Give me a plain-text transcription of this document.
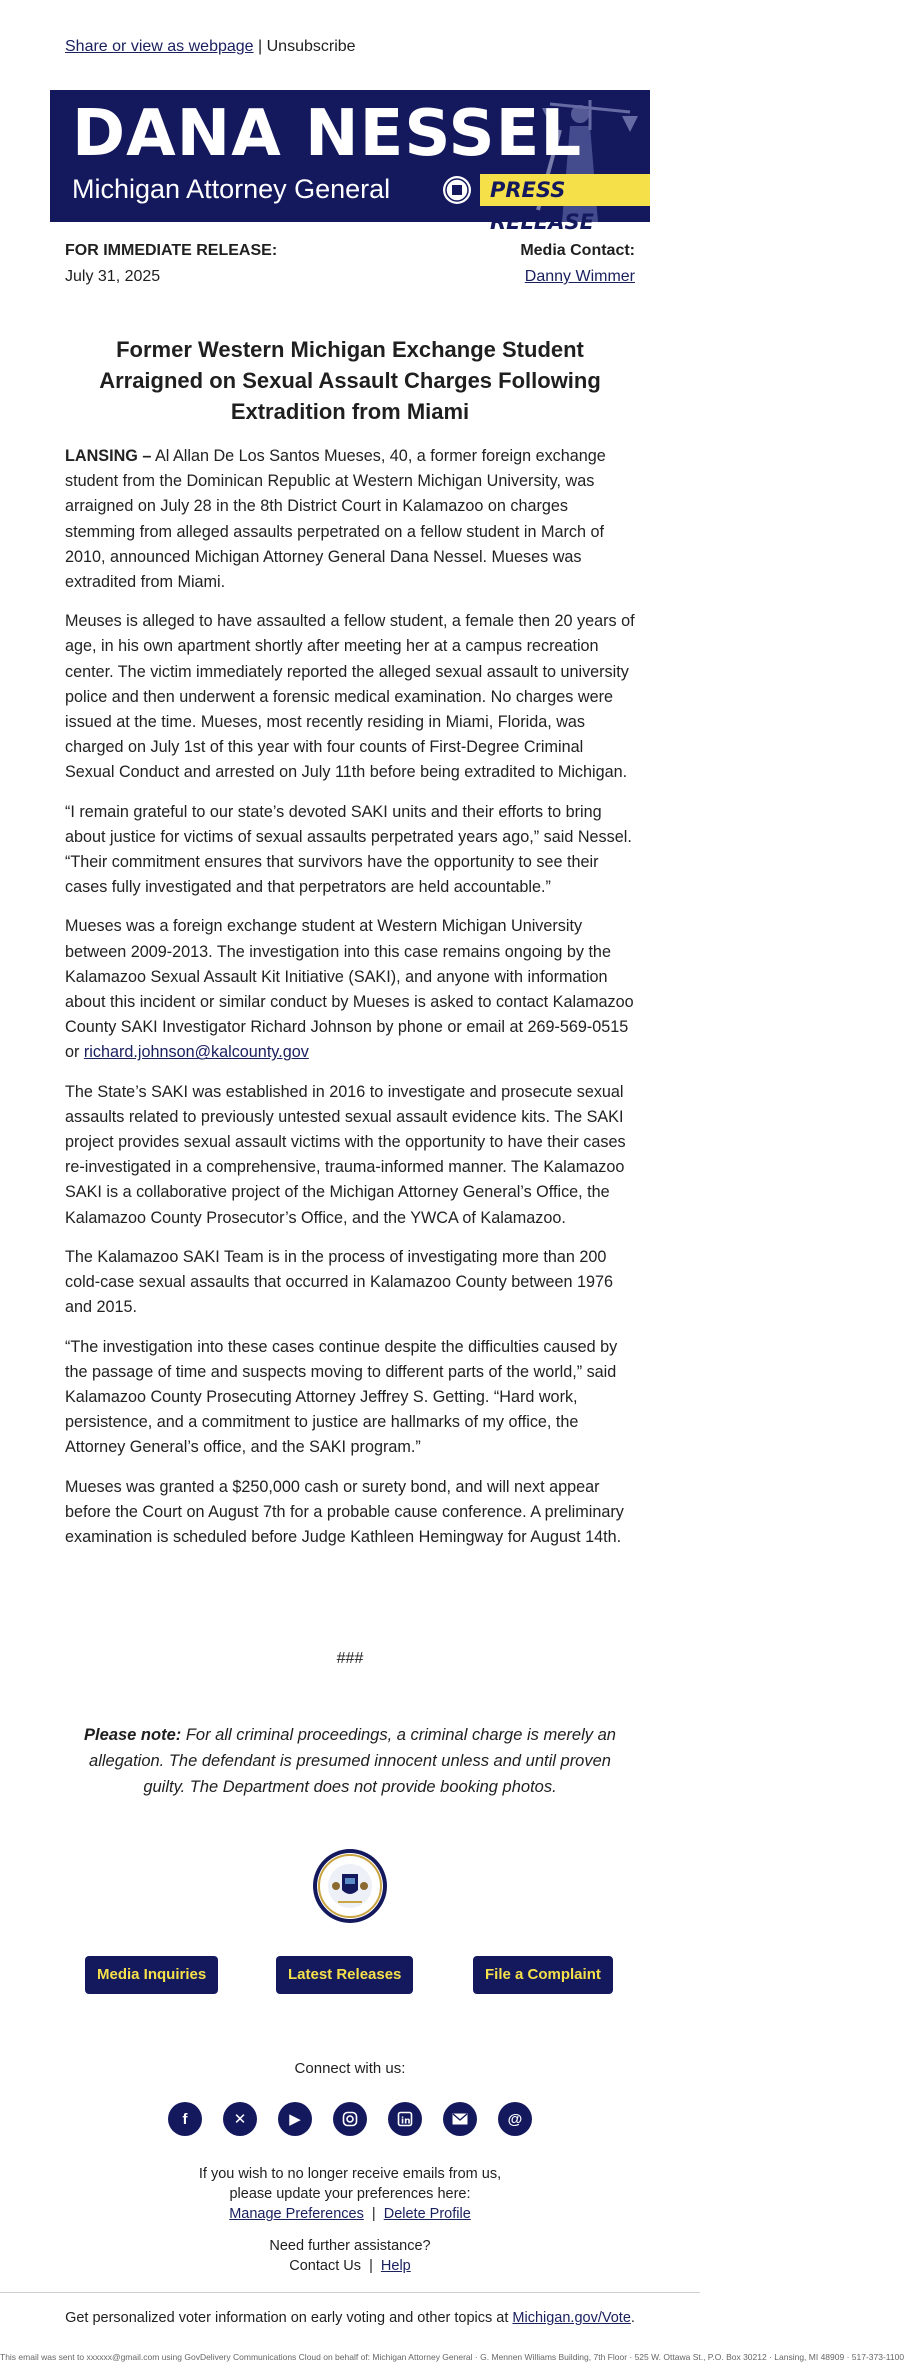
Share or view as webpage | Unsubscribe
DANA NESSEL
Michigan Attorney General	PRESS RELEASE
FOR IMMEDIATE RELEASE:
July 31, 2025
Media Contact:
Danny Wimmer
Former Western Michigan Exchange Student Arraigned on Sexual Assault Charges Following Extradition from Miami

LANSING – Al Allan De Los Santos Mueses, 40, a former foreign exchange student from the Dominican Republic at Western Michigan University, was arraigned on July 28 in the 8th District Court in Kalamazoo on charges stemming from alleged assaults perpetrated on a fellow student in March of 2010, announced Michigan Attorney General Dana Nessel. Mueses was extradited from Miami.

Meuses is alleged to have assaulted a fellow student, a female then 20 years of age, in his own apartment shortly after meeting her at a campus recreation center. The victim immediately reported the alleged sexual assault to university police and then underwent a forensic medical examination. No charges were issued at the time. Mueses, most recently residing in Miami, Florida, was charged on July 1st of this year with four counts of First-Degree Criminal Sexual Conduct and arrested on July 11th before being extradited to Michigan.

“I remain grateful to our state’s devoted SAKI units and their efforts to bring about justice for victims of sexual assaults perpetrated years ago,” said Nessel. “Their commitment ensures that survivors have the opportunity to see their cases fully investigated and that perpetrators are held accountable.”

Mueses was a foreign exchange student at Western Michigan University between 2009-2013. The investigation into this case remains ongoing by the Kalamazoo Sexual Assault Kit Initiative (SAKI), and anyone with information about this incident or similar conduct by Mueses is asked to contact Kalamazoo County SAKI Investigator Richard Johnson by phone or email at 269-569-0515 or richard.johnson@kalcounty.gov

The State’s SAKI was established in 2016 to investigate and prosecute sexual assaults related to previously untested sexual assault evidence kits. The SAKI project provides sexual assault victims with the opportunity to have their cases re-investigated in a comprehensive, trauma-informed manner. The Kalamazoo SAKI is a collaborative project of the Michigan Attorney General’s Office, the Kalamazoo County Prosecutor’s Office, and the YWCA of Kalamazoo.

The Kalamazoo SAKI Team is in the process of investigating more than 200 cold-case sexual assaults that occurred in Kalamazoo County between 1976 and 2015.

“The investigation into these cases continue despite the difficulties caused by the passage of time and suspects moving to different parts of the world,” said Kalamazoo County Prosecuting Attorney Jeffrey S. Getting. “Hard work, persistence, and a commitment to justice are hallmarks of my office, the Attorney General’s office, and the SAKI program.”

Mueses was granted a $250,000 cash or surety bond, and will next appear before the Court on August 7th for a probable cause conference. A preliminary examination is scheduled before Judge Kathleen Hemingway for August 14th.

###
Please note: For all criminal proceedings, a criminal charge is merely an allegation. The defendant is presumed innocent unless and until proven guilty. The Department does not provide booking photos.
Media Inquiries	Latest Releases	File a Complaint
Connect with us:
f	✕	▶	in	@
If you wish to no longer receive emails from us,
please update your preferences here:
Manage Preferences | Delete Profile
Need further assistance?
Contact Us | Help
Get personalized voter information on early voting and other topics at Michigan.gov/Vote.
This email was sent to xxxxxx@gmail.com using GovDelivery Communications Cloud on behalf of: Michigan Attorney General · G. Mennen Williams Building, 7th Floor · 525 W. Ottawa St., P.O. Box 30212 · Lansing, MI 48909 · 517-373-1100
